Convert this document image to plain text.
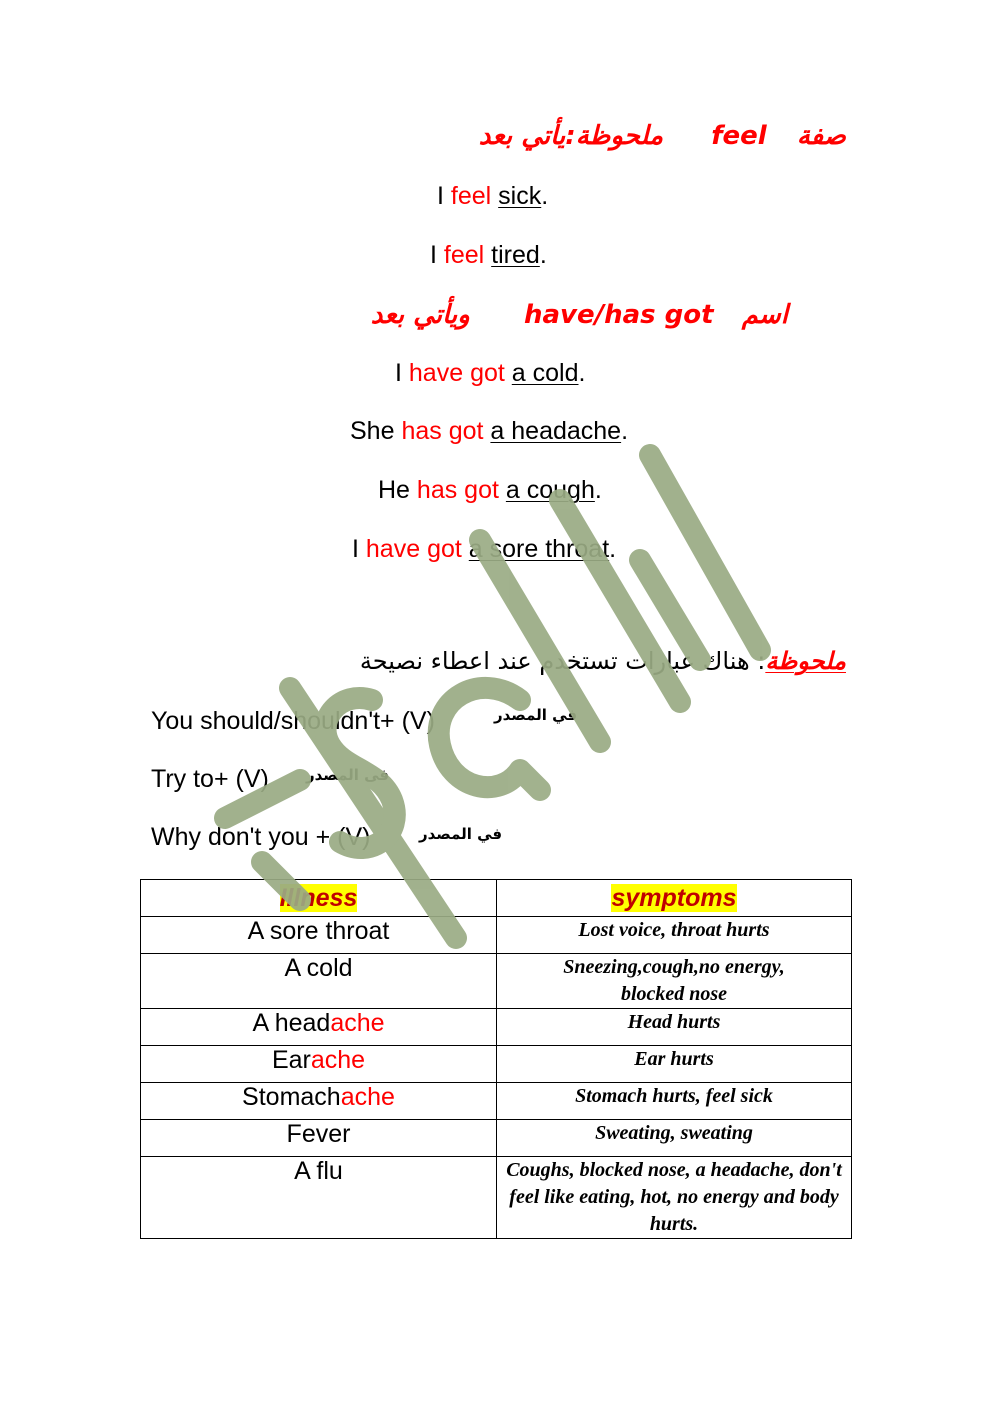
ملحوظة:يأتي بعد feel صفة
I feel sick.
I feel tired.
ويأتي بعد have/has got اسم
I have got a cold.
She has got a headache.
He has got a cough.
I have got a sore throat.
ملحوظة: هناك عبارات تستخدم عند اعطاء نصيحة
You should/shouldn't+ (V)	في المصدر
Try to+ (V) فى المصدر
Why don't you + (V)	في المصدر
Illness	symptoms
A sore throat	Lost voice, throat hurts
A cold	Sneezing,cough,no energy, blocked nose
A headache	Head hurts
Earache	Ear hurts
Stomachache	Stomach hurts, feel sick
Fever	Sweating, sweating
A flu	Coughs, blocked nose, a headache, don't feel like eating, hot, no energy and body hurts.
